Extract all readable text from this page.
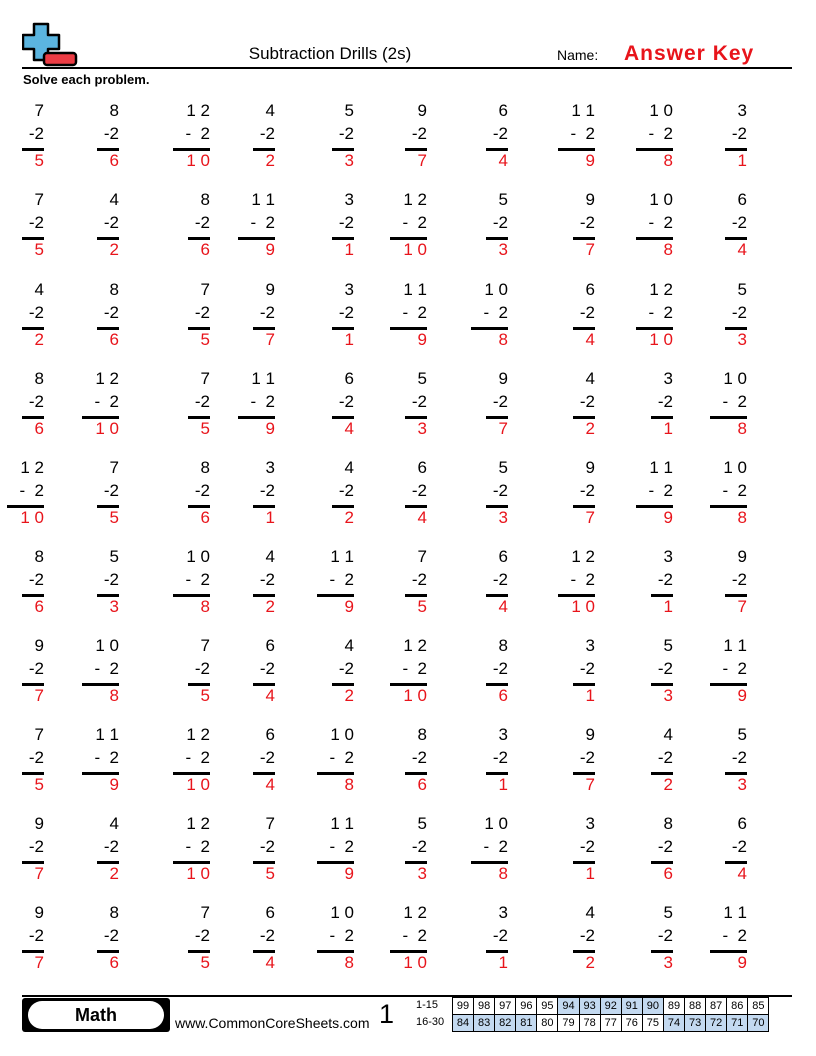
Subtraction Drills (2s)	Name: Answer Key
Solve each problem.
7
-2
5
8
-2
6
1 2
-  2
1 0
4
-2
2
5
-2
3
9
-2
7
6
-2
4
1 1
-  2
9
1 0
-  2
8
3
-2
1
7
-2
5
4
-2
2
8
-2
6
1 1
-  2
9
3
-2
1
1 2
-  2
1 0
5
-2
3
9
-2
7
1 0
-  2
8
6
-2
4
4
-2
2
8
-2
6
7
-2
5
9
-2
7
3
-2
1
1 1
-  2
9
1 0
-  2
8
6
-2
4
1 2
-  2
1 0
5
-2
3
8
-2
6
1 2
-  2
1 0
7
-2
5
1 1
-  2
9
6
-2
4
5
-2
3
9
-2
7
4
-2
2
3
-2
1
1 0
-  2
8
1 2
-  2
1 0
7
-2
5
8
-2
6
3
-2
1
4
-2
2
6
-2
4
5
-2
3
9
-2
7
1 1
-  2
9
1 0
-  2
8
8
-2
6
5
-2
3
1 0
-  2
8
4
-2
2
1 1
-  2
9
7
-2
5
6
-2
4
1 2
-  2
1 0
3
-2
1
9
-2
7
9
-2
7
1 0
-  2
8
7
-2
5
6
-2
4
4
-2
2
1 2
-  2
1 0
8
-2
6
3
-2
1
5
-2
3
1 1
-  2
9
7
-2
5
1 1
-  2
9
1 2
-  2
1 0
6
-2
4
1 0
-  2
8
8
-2
6
3
-2
1
9
-2
7
4
-2
2
5
-2
3
9
-2
7
4
-2
2
1 2
-  2
1 0
7
-2
5
1 1
-  2
9
5
-2
3
1 0
-  2
8
3
-2
1
8
-2
6
6
-2
4
9
-2
7
8
-2
6
7
-2
5
6
-2
4
1 0
-  2
8
1 2
-  2
1 0
3
-2
1
4
-2
2
5
-2
3
1 1
-  2
9
Math	www.CommonCoreSheets.com 1 1-15
16-30
99	98	97	96	95	94	93	92	91	90	89	88	87	86	85
84	83	82	81	80	79	78	77	76	75	74	73	72	71	70
